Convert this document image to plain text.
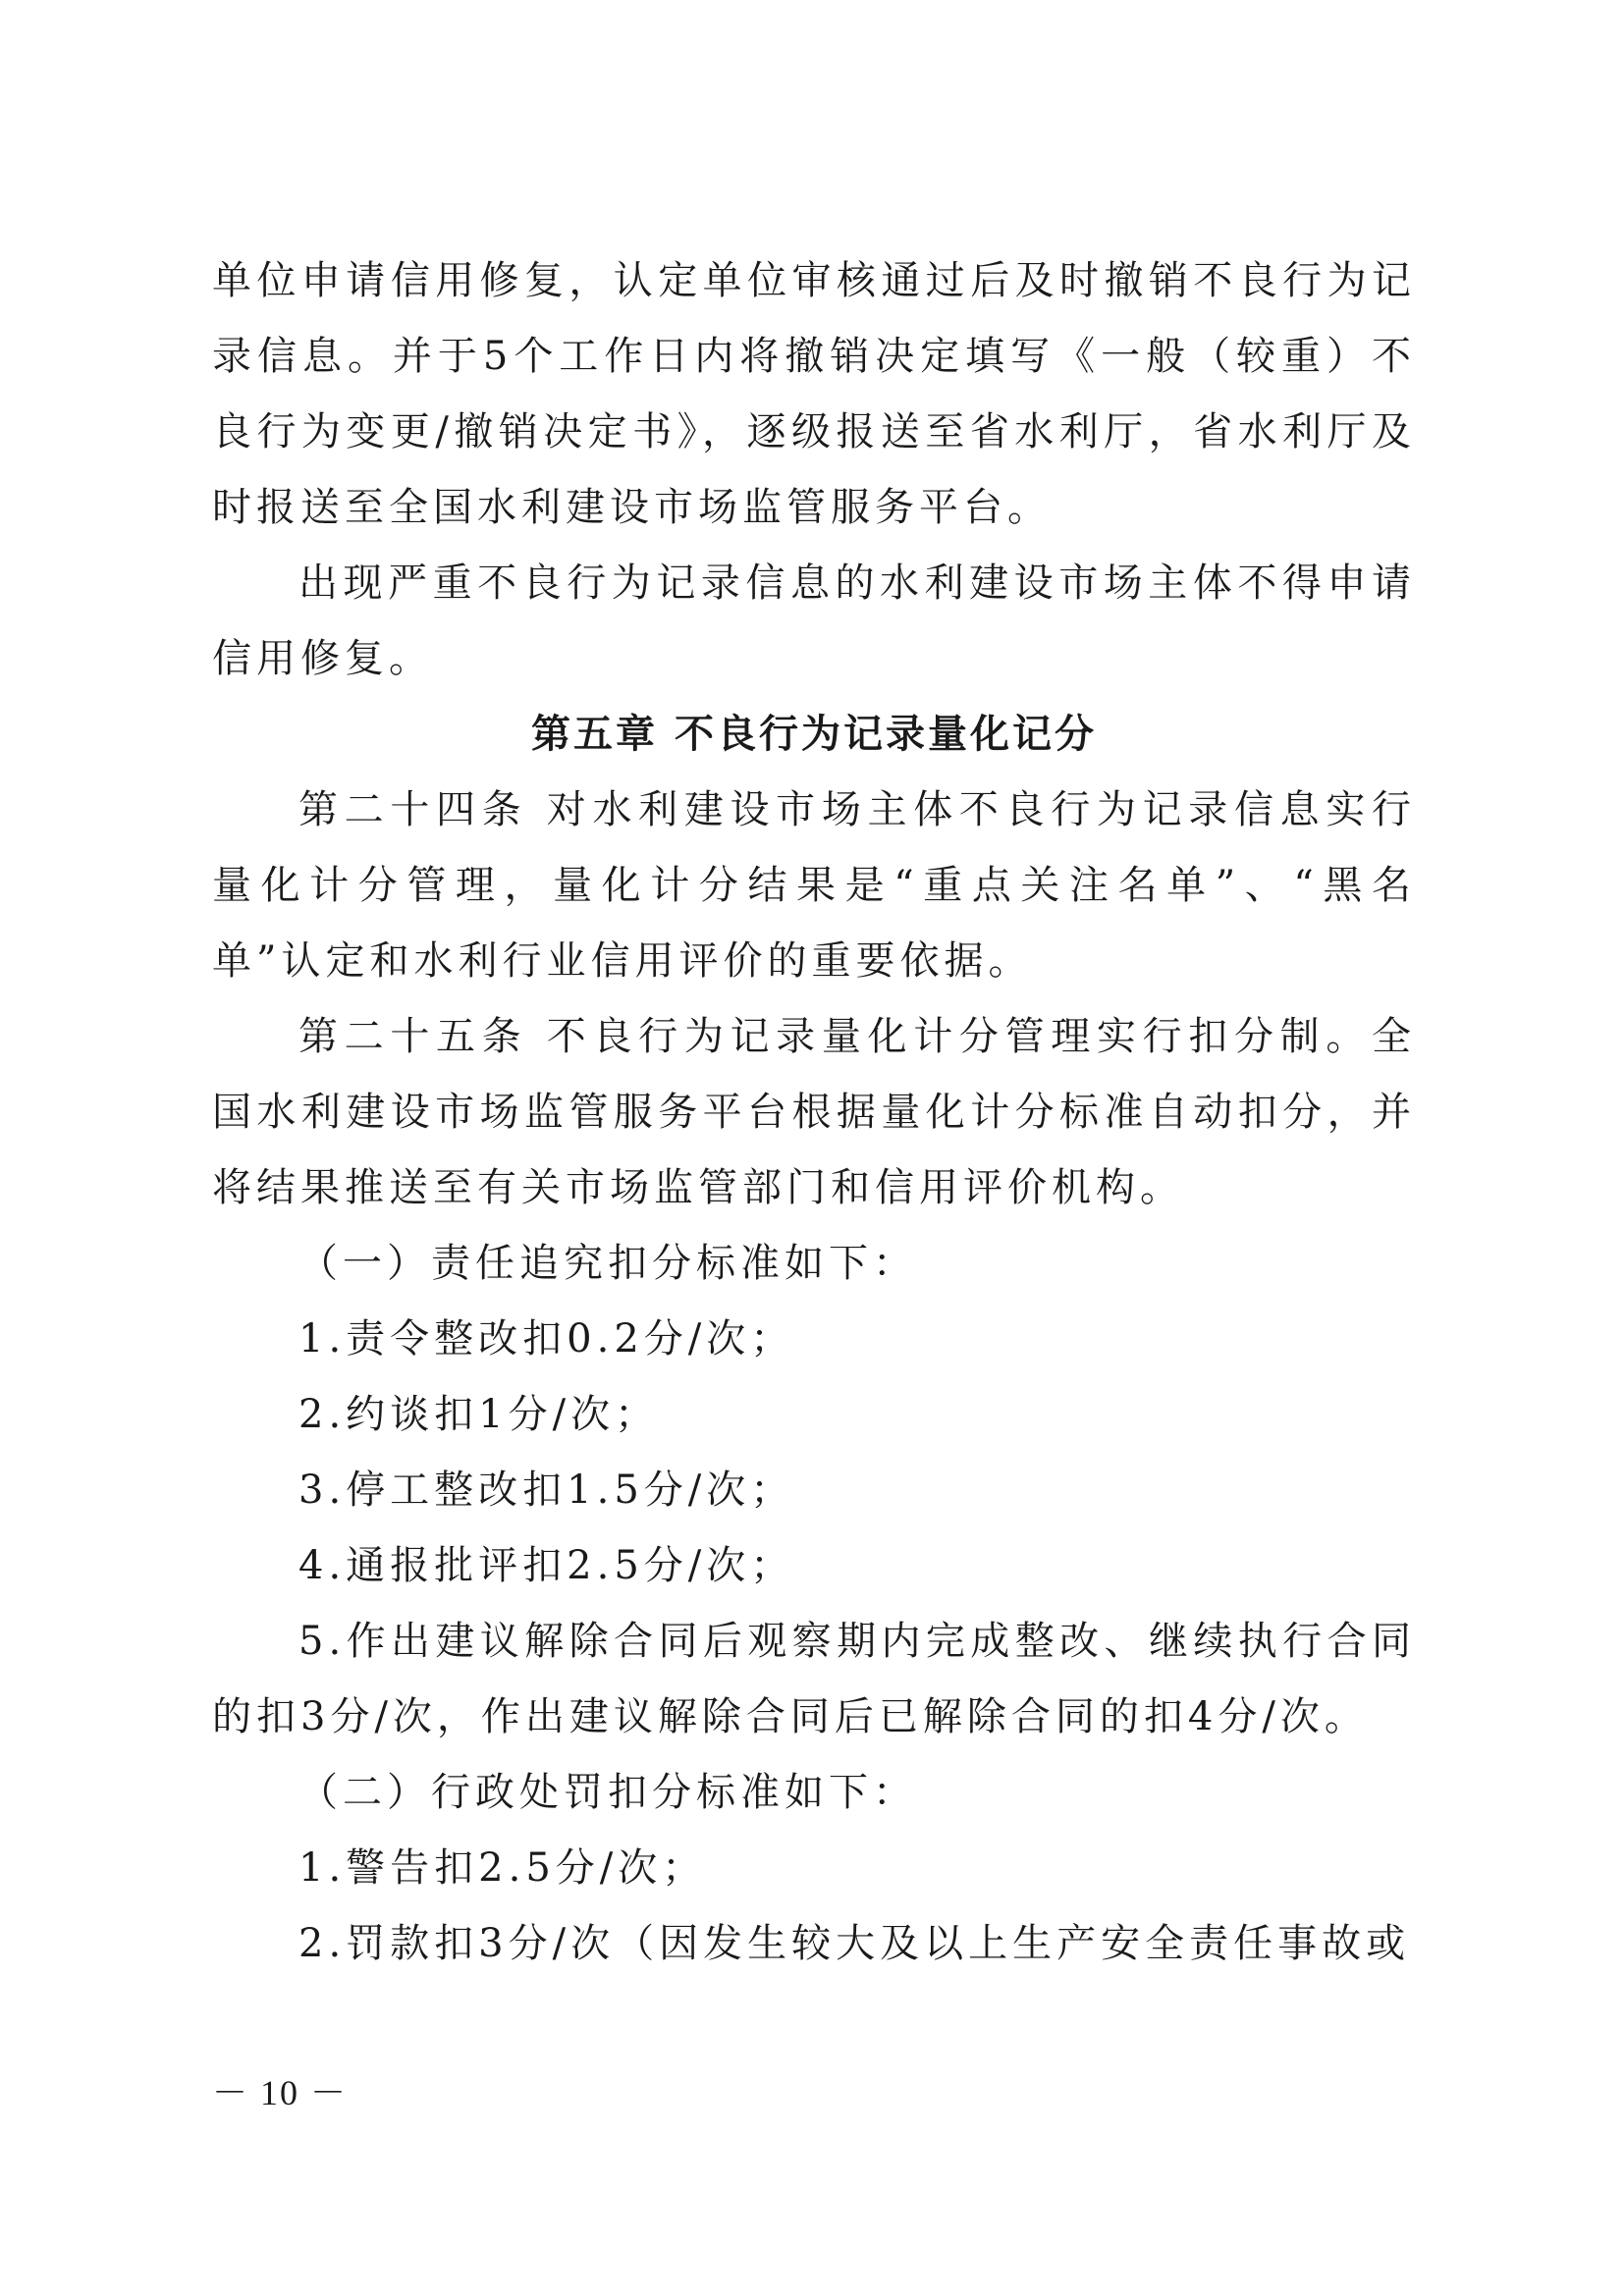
单位申请信用修复，认定单位审核通过后及时撤销不良行为记录信息。并于5个工作日内将撤销决定填写《一般（较重）不良行为变更/撤销决定书》，逐级报送至省水利厅，省水利厅及时报送至全国水利建设市场监管服务平台。

出现严重不良行为记录信息的水利建设市场主体不得申请信用修复。

第五章 不良行为记录量化记分

第二十四条 对水利建设市场主体不良行为记录信息实行量化计分管理，量化计分结果是“重点关注名单”、“黑名单”认定和水利行业信用评价的重要依据。

第二十五条 不良行为记录量化计分管理实行扣分制。全国水利建设市场监管服务平台根据量化计分标准自动扣分，并将结果推送至有关市场监管部门和信用评价机构。

（一）责任追究扣分标准如下：

1.责令整改扣0.2分/次；

2.约谈扣1分/次；

3.停工整改扣1.5分/次；

4.通报批评扣2.5分/次；

5.作出建议解除合同后观察期内完成整改、继续执行合同的扣3分/次，作出建议解除合同后已解除合同的扣4分/次。

（二）行政处罚扣分标准如下：

1.警告扣2.5分/次；

2.罚款扣3分/次（因发生较大及以上生产安全责任事故或

－ 10 －
